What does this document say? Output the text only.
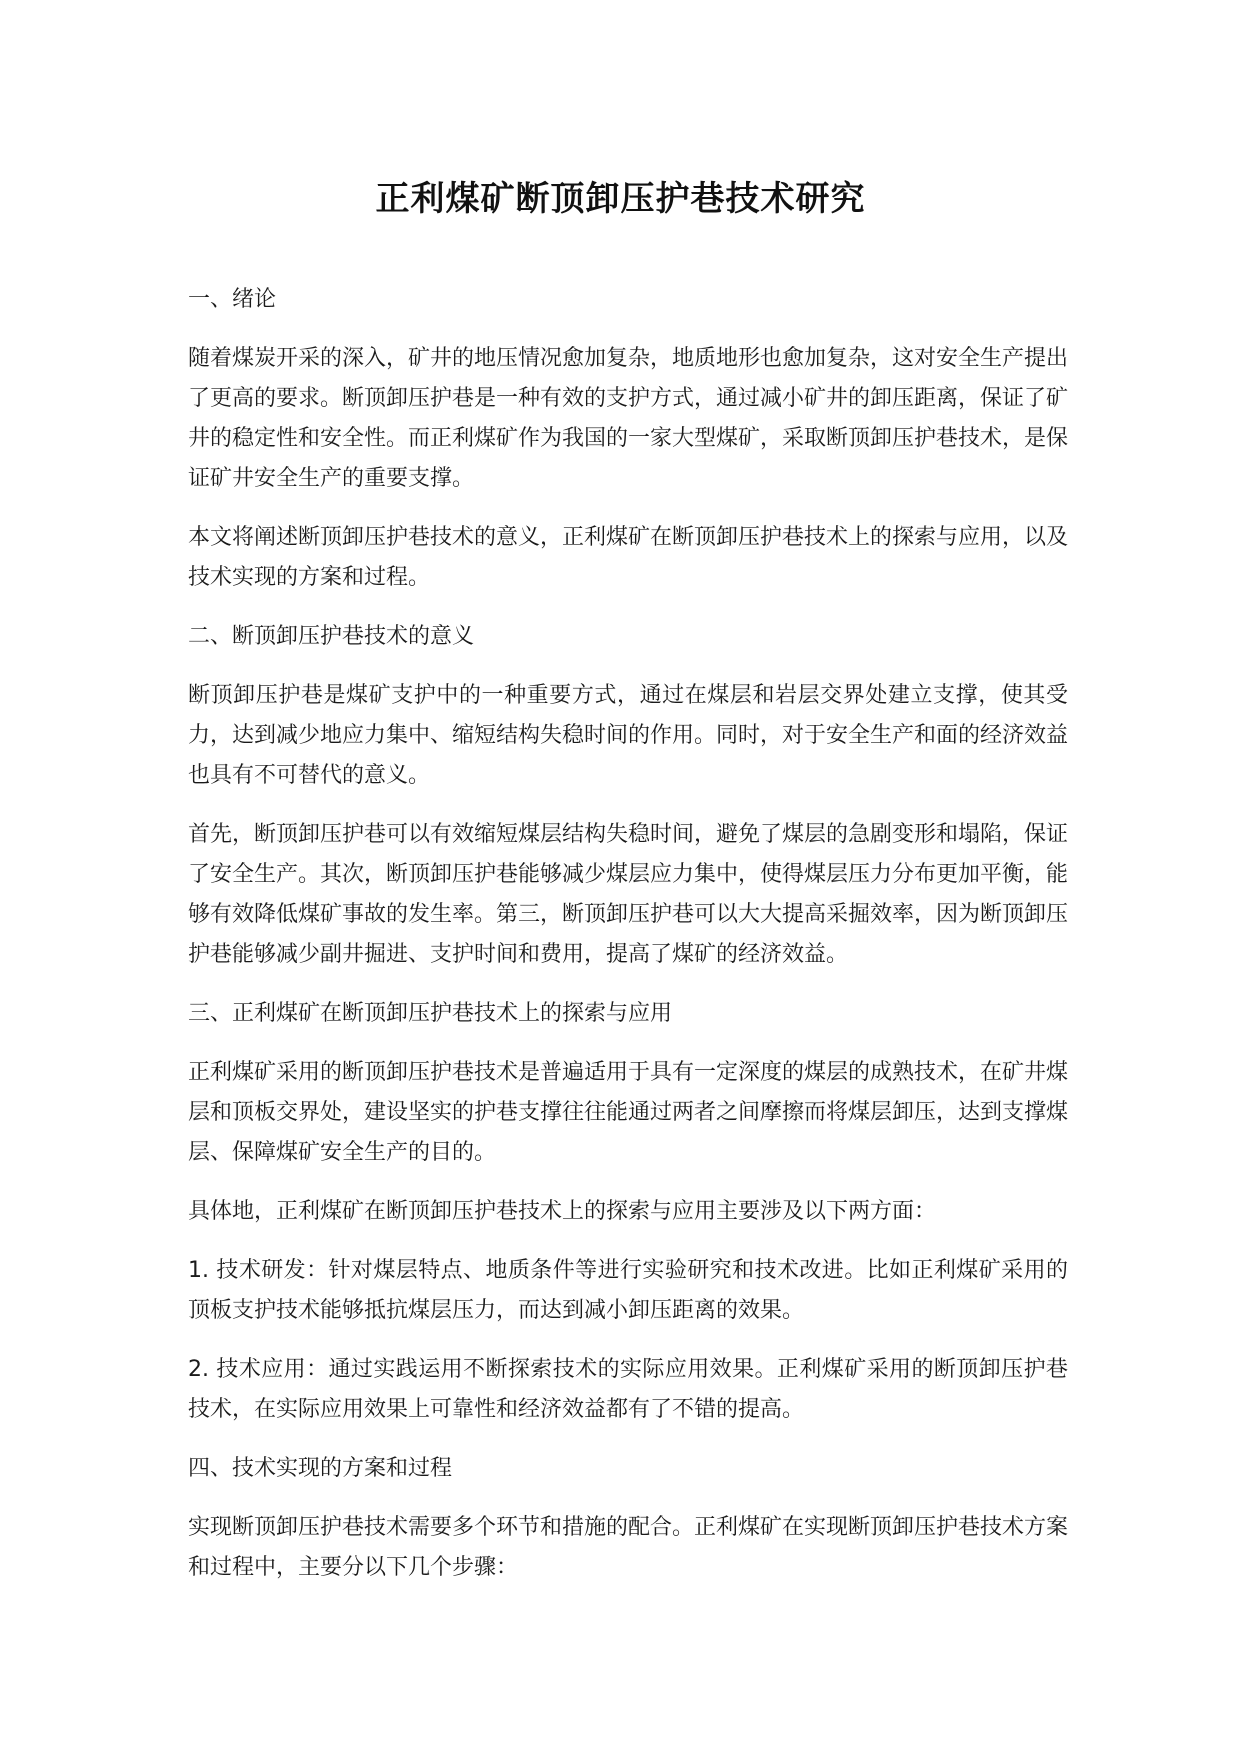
正利煤矿断顶卸压护巷技术研究
一、绪论

随着煤炭开采的深入，矿井的地压情况愈加复杂，地质地形也愈加复杂，这对安全生产提出了更高的要求。断顶卸压护巷是一种有效的支护方式，通过减小矿井的卸压距离，保证了矿井的稳定性和安全性。而正利煤矿作为我国的一家大型煤矿，采取断顶卸压护巷技术，是保证矿井安全生产的重要支撑。

本文将阐述断顶卸压护巷技术的意义，正利煤矿在断顶卸压护巷技术上的探索与应用，以及技术实现的方案和过程。

二、断顶卸压护巷技术的意义

断顶卸压护巷是煤矿支护中的一种重要方式，通过在煤层和岩层交界处建立支撑，使其受力，达到减少地应力集中、缩短结构失稳时间的作用。同时，对于安全生产和面的经济效益也具有不可替代的意义。

首先，断顶卸压护巷可以有效缩短煤层结构失稳时间，避免了煤层的急剧变形和塌陷，保证了安全生产。其次，断顶卸压护巷能够减少煤层应力集中，使得煤层压力分布更加平衡，能够有效降低煤矿事故的发生率。第三，断顶卸压护巷可以大大提高采掘效率，因为断顶卸压护巷能够减少副井掘进、支护时间和费用，提高了煤矿的经济效益。

三、正利煤矿在断顶卸压护巷技术上的探索与应用

正利煤矿采用的断顶卸压护巷技术是普遍适用于具有一定深度的煤层的成熟技术，在矿井煤层和顶板交界处，建设坚实的护巷支撑往往能通过两者之间摩擦而将煤层卸压，达到支撑煤层、保障煤矿安全生产的目的。

具体地，正利煤矿在断顶卸压护巷技术上的探索与应用主要涉及以下两方面：

1. 技术研发：针对煤层特点、地质条件等进行实验研究和技术改进。比如正利煤矿采用的顶板支护技术能够抵抗煤层压力，而达到减小卸压距离的效果。

2. 技术应用：通过实践运用不断探索技术的实际应用效果。正利煤矿采用的断顶卸压护巷技术，在实际应用效果上可靠性和经济效益都有了不错的提高。

四、技术实现的方案和过程

实现断顶卸压护巷技术需要多个环节和措施的配合。正利煤矿在实现断顶卸压护巷技术方案和过程中，主要分以下几个步骤：
